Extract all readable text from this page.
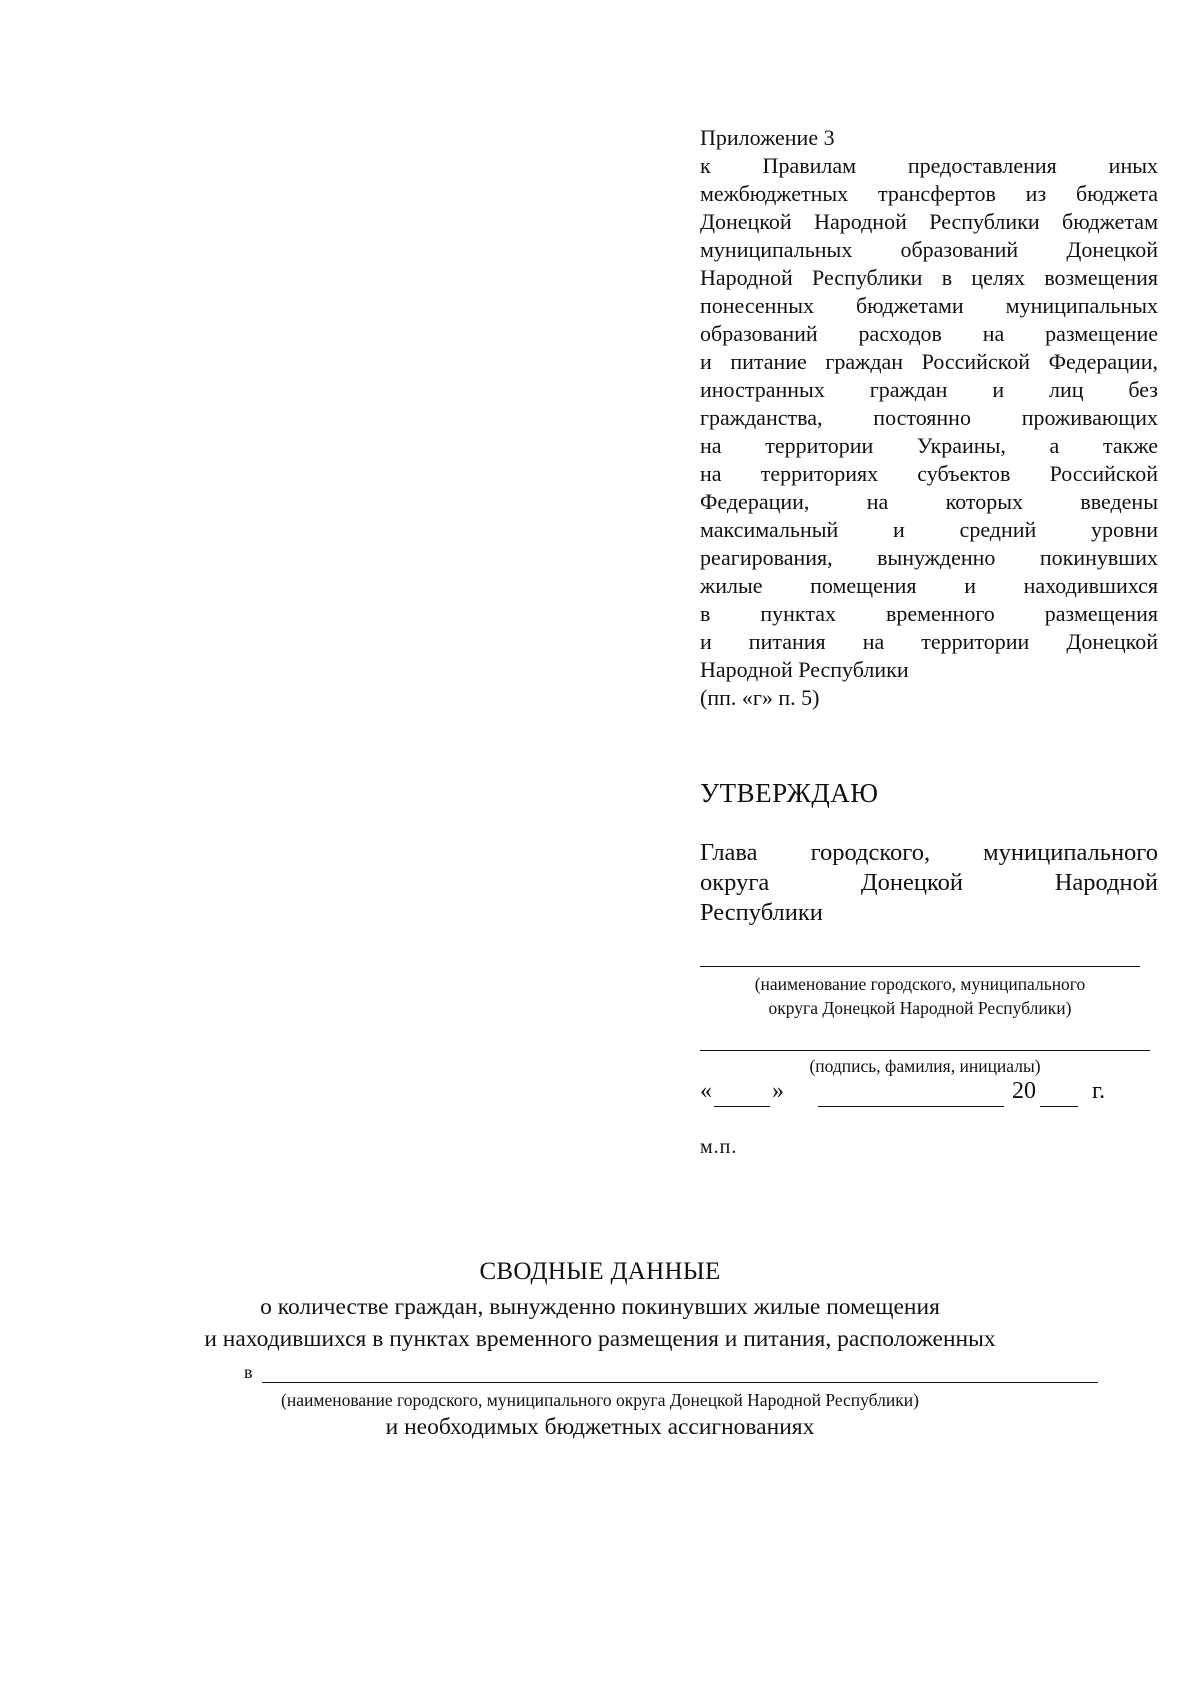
Приложение 3
к Правилам предоставления иных
межбюджетных трансфертов из бюджета
Донецкой Народной Республики бюджетам
муниципальных образований Донецкой
Народной Республики в целях возмещения
понесенных бюджетами муниципальных
образований расходов на размещение
и питание граждан Российской Федерации,
иностранных граждан и лиц без
гражданства, постоянно проживающих
на территории Украины, а также
на территориях субъектов Российской
Федерации, на которых введены
максимальный и средний уровни
реагирования, вынужденно покинувших
жилые помещения и находившихся
в пунктах временного размещения
и питания на территории Донецкой
Народной Республики
(пп. «г» п. 5)
УТВЕРЖДАЮ
Глава городского, муниципального
округа Донецкой Народной
Республики
(наименование городского, муниципального
округа Донецкой Народной Республики)
(подпись, фамилия, инициалы)
«	»	20 г.
м.п.
СВОДНЫЕ ДАННЫЕ
о количестве граждан, вынужденно покинувших жилые помещения
и находившихся в пунктах временного размещения и питания, расположенных
в
(наименование городского, муниципального округа Донецкой Народной Республики)
и необходимых бюджетных ассигнованиях
